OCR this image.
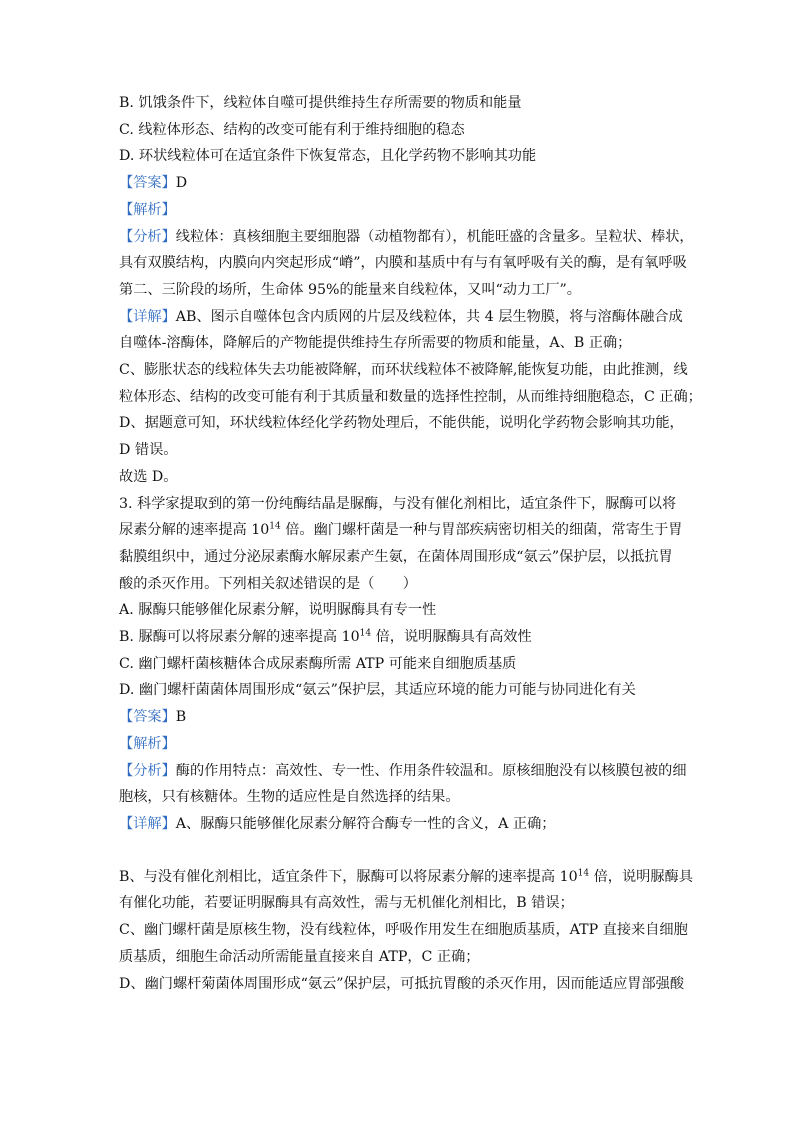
B. 饥饿条件下，线粒体自噬可提供维持生存所需要的物质和能量
C. 线粒体形态、结构的改变可能有利于维持细胞的稳态
D. 环状线粒体可在适宜条件下恢复常态，且化学药物不影响其功能
【答案】D
【解析】
【分析】线粒体：真核细胞主要细胞器（动植物都有），机能旺盛的含量多。呈粒状、棒状，
具有双膜结构，内膜向内突起形成“嵴”，内膜和基质中有与有氧呼吸有关的酶，是有氧呼吸
第二、三阶段的场所，生命体 95%的能量来自线粒体，又叫“动力工厂”。
【详解】AB、图示自噬体包含内质网的片层及线粒体，共 4 层生物膜，将与溶酶体融合成
自噬体-溶酶体，降解后的产物能提供维持生存所需要的物质和能量，A、B 正确；
C、膨胀状态的线粒体失去功能被降解，而环状线粒体不被降解,能恢复功能，由此推测，线
粒体形态、结构的改变可能有利于其质量和数量的选择性控制，从而维持细胞稳态，C 正确；
D、据题意可知，环状线粒体经化学药物处理后，不能供能，说明化学药物会影响其功能，
D 错误。
故选 D。
3. 科学家提取到的第一份纯酶结晶是脲酶，与没有催化剂相比，适宜条件下，脲酶可以将
尿素分解的速率提高 $10^{14}$ 倍。幽门螺杆菌是一种与胃部疾病密切相关的细菌，常寄生于胃
黏膜组织中，通过分泌尿素酶水解尿素产生氨，在菌体周围形成“氨云”保护层，以抵抗胃
酸的杀灭作用。下列相关叙述错误的是（　　）
A. 脲酶只能够催化尿素分解，说明脲酶具有专一性
B. 脲酶可以将尿素分解的速率提高 $10^{14}$ 倍，说明脲酶具有高效性
C. 幽门螺杆菌核糖体合成尿素酶所需 ATP 可能来自细胞质基质
D. 幽门螺杆菌菌体周围形成“氨云”保护层，其适应环境的能力可能与协同进化有关
【答案】B
【解析】
【分析】酶的作用特点：高效性、专一性、作用条件较温和。原核细胞没有以核膜包被的细
胞核，只有核糖体。生物的适应性是自然选择的结果。
【详解】A、脲酶只能够催化尿素分解符合酶专一性的含义，A 正确；
B、与没有催化剂相比，适宜条件下，脲酶可以将尿素分解的速率提高 $10^{14}$ 倍，说明脲酶具
有催化功能，若要证明脲酶具有高效性，需与无机催化剂相比，B 错误；
C、幽门螺杆菌是原核生物，没有线粒体，呼吸作用发生在细胞质基质，ATP 直接来自细胞
质基质，细胞生命活动所需能量直接来自 ATP，C 正确；
D、幽门螺杆菊菌体周围形成“氨云”保护层，可抵抗胃酸的杀灭作用，因而能适应胃部强酸
